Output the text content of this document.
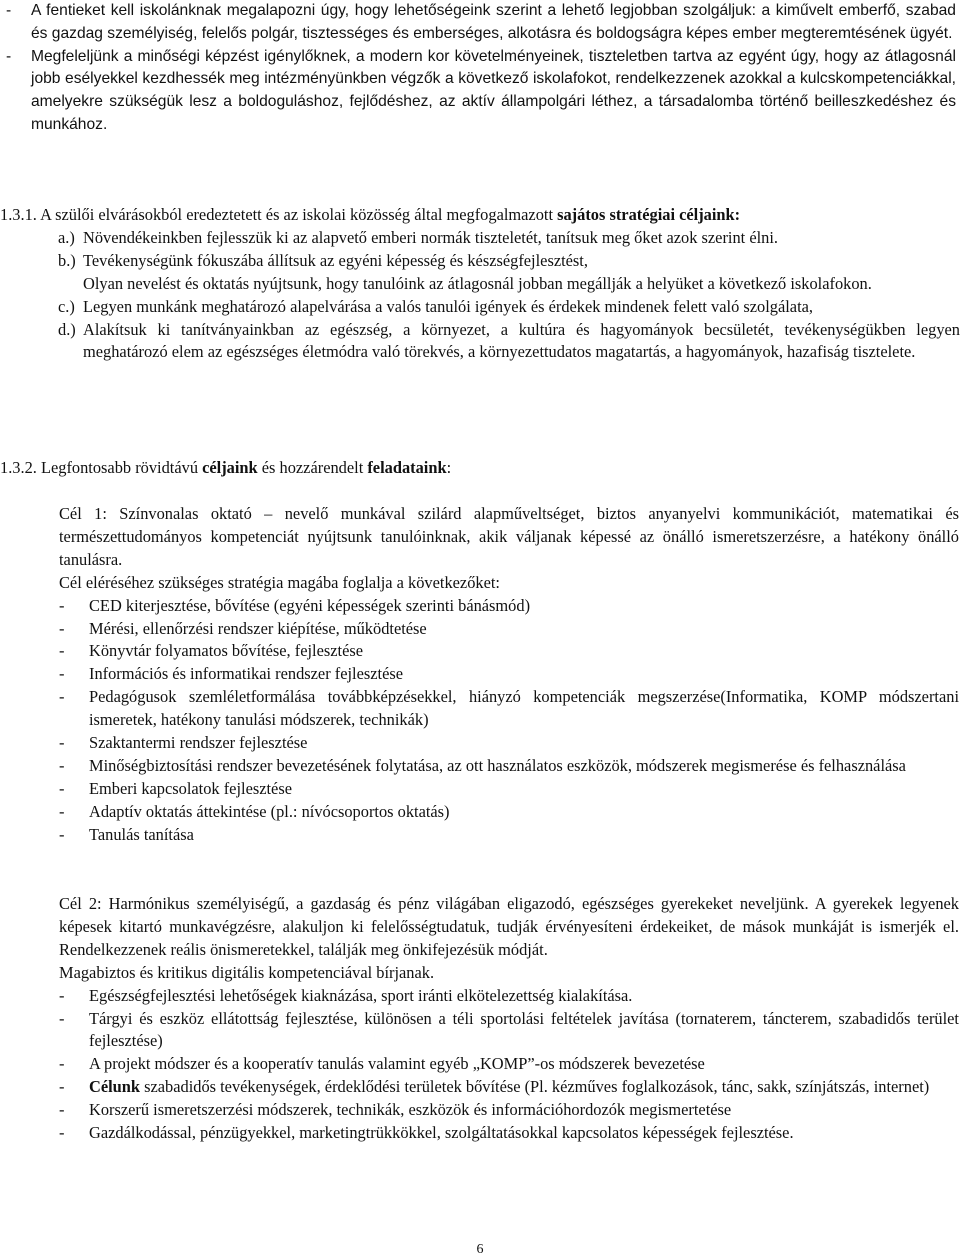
- A fentieket kell iskolánknak megalapozni úgy, hogy lehetőségeink szerint a lehető legjobban szolgáljuk: a kiművelt emberfő, szabad és gazdag személyiség, felelős polgár, tisztességes és emberséges, alkotásra és boldogságra képes ember megteremtésének ügyét.
- Megfeleljünk a minőségi képzést igénylőknek, a modern kor követelményeinek, tiszteletben tartva az egyént úgy, hogy az átlagosnál jobb esélyekkel kezdhessék meg intézményünkben végzők a következő iskolafokot, rendelkezzenek azokkal a kulcskompetenciákkal, amelyekre szükségük lesz a boldoguláshoz, fejlődéshez, az aktív állampolgári léthez, a társadalomba történő beilleszkedéshez és munkához.
1.3.1. A szülői elvárásokból eredeztetett és az iskolai közösség által megfogalmazott sajátos stratégiai céljaink:
a.) Növendékeinkben fejlesszük ki az alapvető emberi normák tiszteletét, tanítsuk meg őket azok szerint élni.
b.) Tevékenységünk fókuszába állítsuk az egyéni képesség és készségfejlesztést,
Olyan nevelést és oktatás nyújtsunk, hogy tanulóink az átlagosnál jobban megállják a helyüket a következő iskolafokon.
c.) Legyen munkánk meghatározó alapelvárása a valós tanulói igények és érdekek mindenek felett való szolgálata,
d.) Alakítsuk ki tanítványainkban az egészség, a környezet, a kultúra és hagyományok becsületét, tevékenységükben legyen meghatározó elem az egészséges életmódra való törekvés, a környezettudatos magatartás, a hagyományok, hazafiság tisztelete.
1.3.2. Legfontosabb rövidtávú céljaink és hozzárendelt feladataink:
Cél 1: Színvonalas oktató – nevelő munkával szilárd alapműveltséget, biztos anyanyelvi kommunikációt, matematikai és természettudományos kompetenciát nyújtsunk tanulóinknak, akik váljanak képessé az önálló ismeretszerzésre, a hatékony önálló tanulásra.
Cél eléréséhez szükséges stratégia magába foglalja a következőket:
- CED kiterjesztése, bővítése (egyéni képességek szerinti bánásmód)
- Mérési, ellenőrzési rendszer kiépítése, működtetése
- Könyvtár folyamatos bővítése, fejlesztése
- Információs és informatikai rendszer fejlesztése
- Pedagógusok szemléletformálása továbbképzésekkel, hiányzó kompetenciák megszerzése(Informatika, KOMP módszertani ismeretek, hatékony tanulási módszerek, technikák)
- Szaktantermi rendszer fejlesztése
- Minőségbiztosítási rendszer bevezetésének folytatása, az ott használatos eszközök, módszerek megismerése és felhasználása
- Emberi kapcsolatok fejlesztése
- Adaptív oktatás áttekintése (pl.: nívócsoportos oktatás)
- Tanulás tanítása
Cél 2: Harmónikus személyiségű, a gazdaság és pénz világában eligazodó, egészséges gyerekeket neveljünk. A gyerekek legyenek képesek kitartó munkavégzésre, alakuljon ki felelősségtudatuk, tudják érvényesíteni érdekeiket, de mások munkáját is ismerjék el. Rendelkezzenek reális önismeretekkel, találják meg önkifejezésük módját.
Magabiztos és kritikus digitális kompetenciával bírjanak.
- Egészségfejlesztési lehetőségek kiaknázása, sport iránti elkötelezettség kialakítása.
- Tárgyi és eszköz ellátottság fejlesztése, különösen a téli sportolási feltételek javítása (tornaterem, táncterem, szabadidős terület fejlesztése)
- A projekt módszer és a kooperatív tanulás valamint egyéb „KOMP”-os módszerek bevezetése
- Célunk szabadidős tevékenységek, érdeklődési területek bővítése (Pl. kézműves foglalkozások, tánc, sakk, színjátszás, internet)
- Korszerű ismeretszerzési módszerek, technikák, eszközök és információhordozók megismertetése
- Gazdálkodással, pénzügyekkel, marketingtrükkökkel, szolgáltatásokkal kapcsolatos képességek fejlesztése.
6
